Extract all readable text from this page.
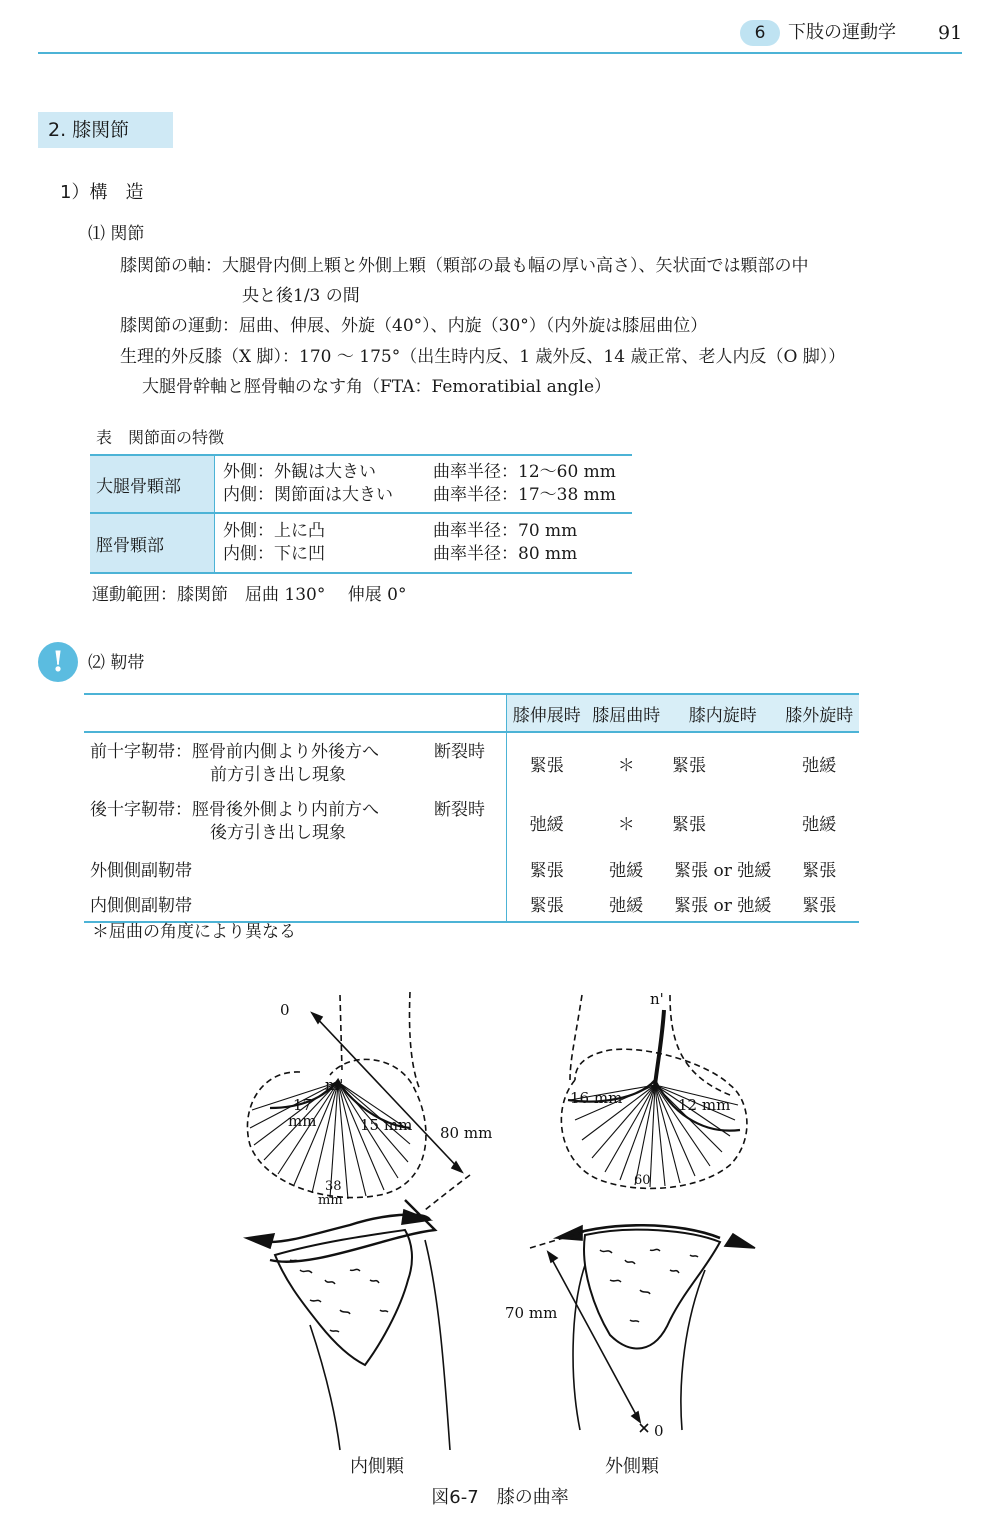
6	下肢の運動学 91
2. 膝関節
1）構　造
⑴ 関節
膝関節の軸：大腿骨内側上顆と外側上顆（顆部の最も幅の厚い高さ）、矢状面では顆部の中
央と後1/3 の間
膝関節の運動：屈曲、伸展、外旋（40°）、内旋（30°）（内外旋は膝屈曲位）
生理的外反膝（X 脚）：170 〜 175°（出生時内反、1 歳外反、14 歳正常、老人内反（O 脚））
大腿骨幹軸と脛骨軸のなす角（FTA：Femoratibial angle）
表　関節面の特徴
大腿骨顆部	外側：外観は大きい 曲率半径：12〜60 mm
内側：関節面は大きい 曲率半径：17〜38 mm

脛骨顆部	外側：上に凸 曲率半径：70 mm
内側：下に凹 曲率半径：80 mm
運動範囲：膝関節　屈曲 130°　 伸展 0°
!	⑵ 靭帯
	膝伸展時	膝屈曲時	膝内旋時	膝外旋時

前十字靭帯：脛骨前内側より外後方へ 断裂時
前方引き出し現象	緊張	＊	緊張	弛緩

後十字靭帯：脛骨後外側より内前方へ 断裂時
後方引き出し現象	弛緩	＊	緊張	弛緩
外側側副靭帯	緊張	弛緩	緊張 or 弛緩	緊張
内側側副靭帯	緊張	弛緩	緊張 or 弛緩	緊張
＊屈曲の角度により異なる
0
m'
17
mm	15 mm 80 mm
38
mm
n'
16 mm	12 mm
60
70 mm
0
内側顆	外側顆
図6-7　膝の曲率
